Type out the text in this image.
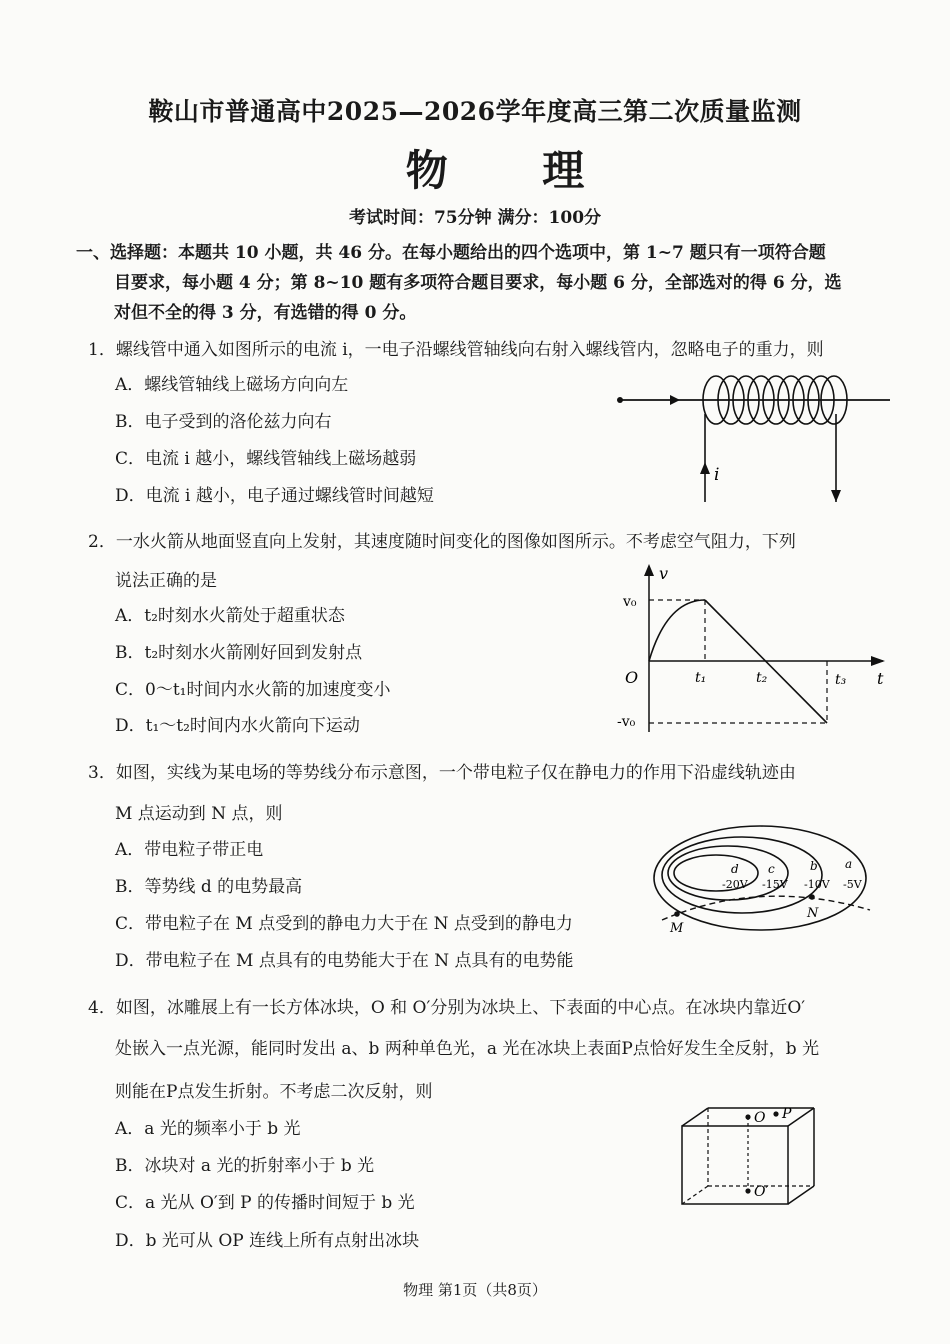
鞍山市普通高中2025—2026学年度高三第二次质量监测
物 理
考试时间：75分钟 满分：100分
一、选择题：本题共 10 小题，共 46 分。在每小题给出的四个选项中，第 1~7 题只有一项符合题
目要求，每小题 4 分；第 8~10 题有多项符合题目要求，每小题 6 分，全部选对的得 6 分，选
对但不全的得 3 分，有选错的得 0 分。
1．螺线管中通入如图所示的电流 i，一电子沿螺线管轴线向右射入螺线管内，忽略电子的重力，则
A．螺线管轴线上磁场方向向左
B．电子受到的洛伦兹力向右
C．电流 i 越小，螺线管轴线上磁场越弱
D．电流 i 越小，电子通过螺线管时间越短
i
2．一水火箭从地面竖直向上发射，其速度随时间变化的图像如图所示。不考虑空气阻力，下列
说法正确的是
A．t₂时刻水火箭处于超重状态
B．t₂时刻水火箭刚好回到发射点
C．0～t₁时间内水火箭的加速度变小
D．t₁～t₂时间内水火箭向下运动
v
t
O
v₀
-v₀
t₁	t₂	t₃
3．如图，实线为某电场的等势线分布示意图，一个带电粒子仅在静电力的作用下沿虚线轨迹由
M 点运动到 N 点，则
A．带电粒子带正电
B．等势线 d 的电势最高
C．带电粒子在 M 点受到的静电力大于在 N 点受到的静电力
D．带电粒子在 M 点具有的电势能大于在 N 点具有的电势能
M
N
d c	b a
-20V -15V -10V -5V
4．如图，冰雕展上有一长方体冰块，O 和 O′分别为冰块上、下表面的中心点。在冰块内靠近O′
处嵌入一点光源，能同时发出 a、b 两种单色光，a 光在冰块上表面P点恰好发生全反射，b 光
则能在P点发生折射。不考虑二次反射，则
A．a 光的频率小于 b 光
B．冰块对 a 光的折射率小于 b 光
C．a 光从 O′到 P 的传播时间短于 b 光
D．b 光可从 OP 连线上所有点射出冰块
O P
O′
物理 第1页（共8页）
